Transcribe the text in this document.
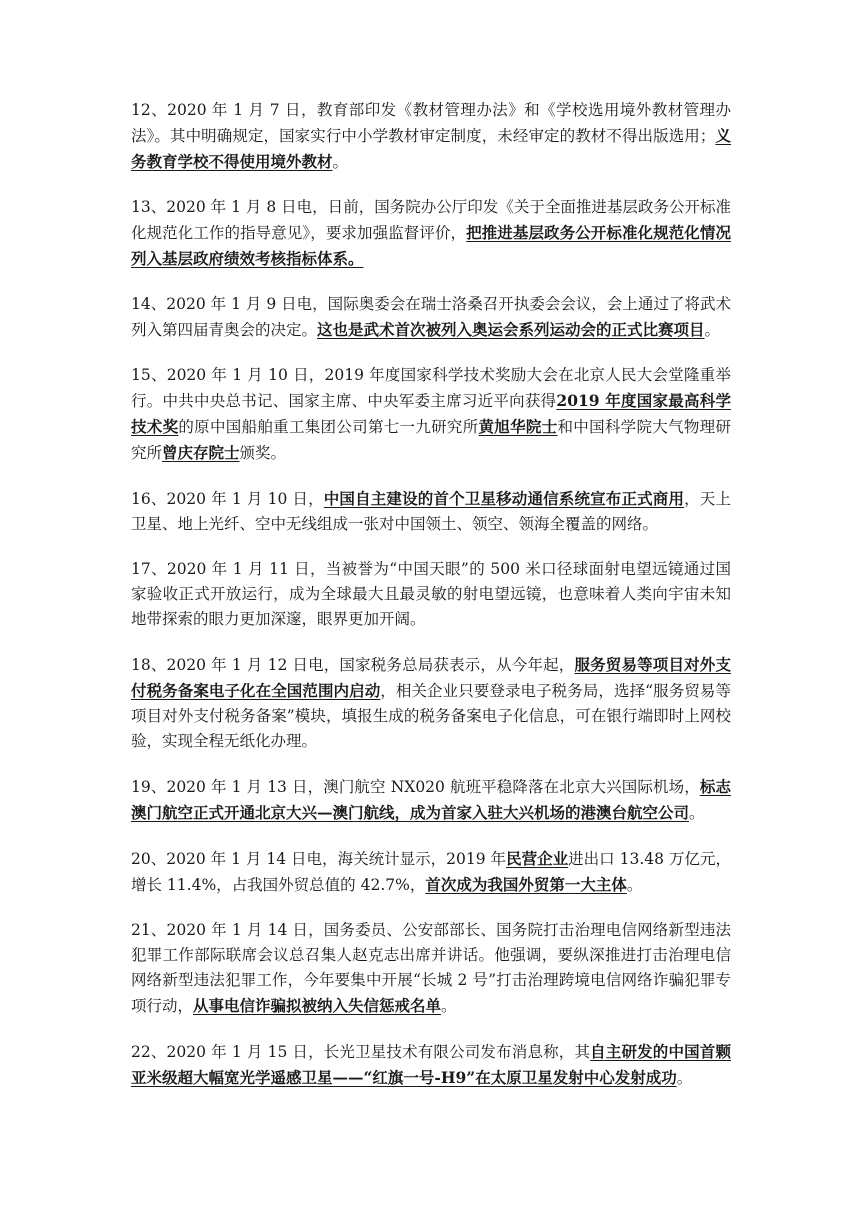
12、2020 年 1 月 7 日，教育部印发《教材管理办法》和《学校选用境外教材管理办法》。其中明确规定，国家实行中小学教材审定制度，未经审定的教材不得出版选用；义务教育学校不得使用境外教材。

13、2020 年 1 月 8 日电，日前，国务院办公厅印发《关于全面推进基层政务公开标准化规范化工作的指导意见》，要求加强监督评价，把推进基层政务公开标准化规范化情况列入基层政府绩效考核指标体系。

14、2020 年 1 月 9 日电，国际奥委会在瑞士洛桑召开执委会会议，会上通过了将武术列入第四届青奥会的决定。这也是武术首次被列入奥运会系列运动会的正式比赛项目。

15、2020 年 1 月 10 日，2019 年度国家科学技术奖励大会在北京人民大会堂隆重举行。中共中央总书记、国家主席、中央军委主席习近平向获得2019 年度国家最高科学技术奖的原中国船舶重工集团公司第七一九研究所黄旭华院士和中国科学院大气物理研究所曾庆存院士颁奖。

16、2020 年 1 月 10 日，中国自主建设的首个卫星移动通信系统宣布正式商用，天上卫星、地上光纤、空中无线组成一张对中国领土、领空、领海全覆盖的网络。

17、2020 年 1 月 11 日，当被誉为“中国天眼”的 500 米口径球面射电望远镜通过国家验收正式开放运行，成为全球最大且最灵敏的射电望远镜，也意味着人类向宇宙未知地带探索的眼力更加深邃，眼界更加开阔。

18、2020 年 1 月 12 日电，国家税务总局获表示，从今年起，服务贸易等项目对外支付税务备案电子化在全国范围内启动，相关企业只要登录电子税务局，选择“服务贸易等项目对外支付税务备案”模块，填报生成的税务备案电子化信息，可在银行端即时上网校验，实现全程无纸化办理。

19、2020 年 1 月 13 日，澳门航空 NX020 航班平稳降落在北京大兴国际机场，标志澳门航空正式开通北京大兴—澳门航线，成为首家入驻大兴机场的港澳台航空公司。

20、2020 年 1 月 14 日电，海关统计显示，2019 年民营企业进出口 13.48 万亿元，增长 11.4%，占我国外贸总值的 42.7%，首次成为我国外贸第一大主体。

21、2020 年 1 月 14 日，国务委员、公安部部长、国务院打击治理电信网络新型违法犯罪工作部际联席会议总召集人赵克志出席并讲话。他强调，要纵深推进打击治理电信网络新型违法犯罪工作，今年要集中开展“长城 2 号”打击治理跨境电信网络诈骗犯罪专项行动，从事电信诈骗拟被纳入失信惩戒名单。

22、2020 年 1 月 15 日，长光卫星技术有限公司发布消息称，其自主研发的中国首颗亚米级超大幅宽光学遥感卫星——“红旗一号-H9”在太原卫星发射中心发射成功。
